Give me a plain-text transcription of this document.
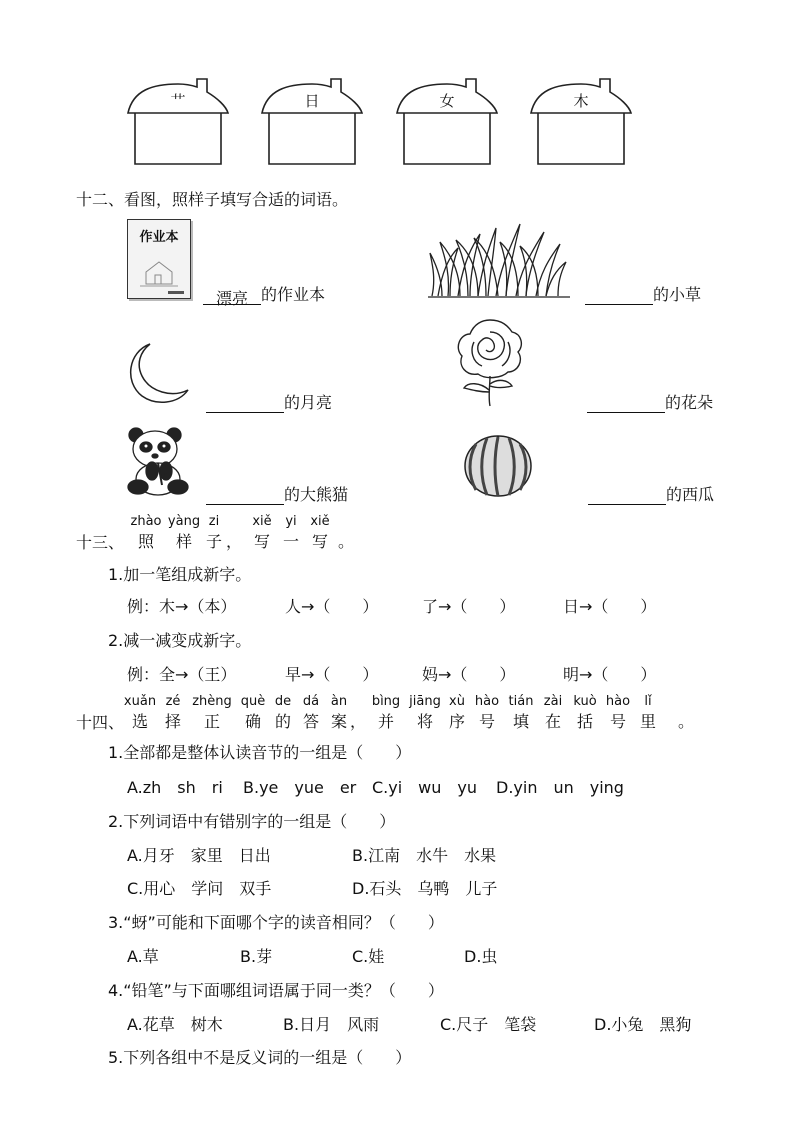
艹	日	女	木
十二、看图，照样子填写合适的词语。
作业本
漂亮 的作业本	的小草
的月亮	的花朵
的大熊猫	的西瓜
十三、
zhào
照
yàng
样
zi
子 ，
xiě
写
yi
一
xiě
写 。
1.加一笔组成新字。
例：木→（本）	人→（　　）	了→（　　）	日→（　　）
2.减一减变成新字。
例：全→（王）	早→（　　）	妈→（　　）	明→（　　）
十四、
xuǎn
选
zé
择
zhèng
正
què
确
de
的
dá
答
àn
案 ，
bìng
并
jiāng
将
xù
序
hào
号
tián
填
zài
在
kuò
括
hào
号
lǐ
里	。
1.全部都是整体认读音节的一组是（　　）
A.zh　sh　ri B.ye　yue　er C.yi　wu　yu D.yin　un　ying
2.下列词语中有错别字的一组是（　　）
A.月牙　家里　日出	B.江南　水牛　水果
C.用心　学问　双手	D.石头　乌鸭　儿子
3.“蚜”可能和下面哪个字的读音相同？（　　）
A.草	B.芽	C.娃	D.虫
4.“铅笔”与下面哪组词语属于同一类？（　　）
A.花草　树木	B.日月　风雨	C.尺子　笔袋	D.小兔　黑狗
5.下列各组中不是反义词的一组是（　　）
